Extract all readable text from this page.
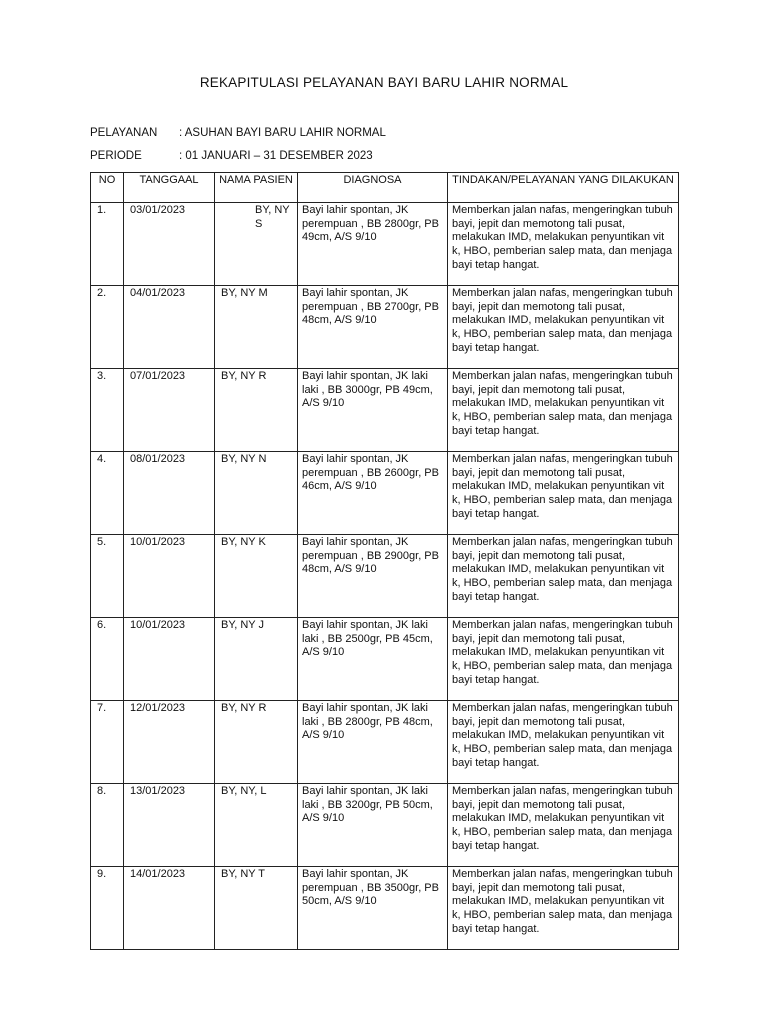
REKAPITULASI PELAYANAN BAYI BARU LAHIR NORMAL
PELAYANAN : ASUHAN BAYI BARU LAHIR NORMAL
PERIODE	: 01 JANUARI – 31 DESEMBER 2023
NO	TANGGAAL	NAMA PASIEN	DIAGNOSA	TINDAKAN/PELAYANAN YANG DILAKUKAN
1.	03/01/2023	BY, NY S	Bayi lahir spontan, JK perempuan , BB 2800gr, PB 49cm, A/S 9/10	Memberkan jalan nafas, mengeringkan tubuh bayi, jepit dan memotong tali pusat, melakukan IMD, melakukan penyuntikan vit k, HBO, pemberian salep mata, dan menjaga bayi tetap hangat.
2.	04/01/2023	BY, NY M	Bayi lahir spontan, JK perempuan , BB 2700gr, PB 48cm, A/S 9/10	Memberkan jalan nafas, mengeringkan tubuh bayi, jepit dan memotong tali pusat, melakukan IMD, melakukan penyuntikan vit k, HBO, pemberian salep mata, dan menjaga bayi tetap hangat.
3.	07/01/2023	BY, NY R	Bayi lahir spontan, JK laki laki , BB 3000gr, PB 49cm, A/S 9/10	Memberkan jalan nafas, mengeringkan tubuh bayi, jepit dan memotong tali pusat, melakukan IMD, melakukan penyuntikan vit k, HBO, pemberian salep mata, dan menjaga bayi tetap hangat.
4.	08/01/2023	BY, NY N	Bayi lahir spontan, JK perempuan , BB 2600gr, PB 46cm, A/S 9/10	Memberkan jalan nafas, mengeringkan tubuh bayi, jepit dan memotong tali pusat, melakukan IMD, melakukan penyuntikan vit k, HBO, pemberian salep mata, dan menjaga bayi tetap hangat.
5.	10/01/2023	BY, NY K	Bayi lahir spontan, JK perempuan , BB 2900gr, PB 48cm, A/S 9/10	Memberkan jalan nafas, mengeringkan tubuh bayi, jepit dan memotong tali pusat, melakukan IMD, melakukan penyuntikan vit k, HBO, pemberian salep mata, dan menjaga bayi tetap hangat.
6.	10/01/2023	BY, NY J	Bayi lahir spontan, JK laki laki , BB 2500gr, PB 45cm, A/S 9/10	Memberkan jalan nafas, mengeringkan tubuh bayi, jepit dan memotong tali pusat, melakukan IMD, melakukan penyuntikan vit k, HBO, pemberian salep mata, dan menjaga bayi tetap hangat.
7.	12/01/2023	BY, NY R	Bayi lahir spontan, JK laki laki , BB 2800gr, PB 48cm, A/S 9/10	Memberkan jalan nafas, mengeringkan tubuh bayi, jepit dan memotong tali pusat, melakukan IMD, melakukan penyuntikan vit k, HBO, pemberian salep mata, dan menjaga bayi tetap hangat.
8.	13/01/2023	BY, NY, L	Bayi lahir spontan, JK laki laki , BB 3200gr, PB 50cm, A/S 9/10	Memberkan jalan nafas, mengeringkan tubuh bayi, jepit dan memotong tali pusat, melakukan IMD, melakukan penyuntikan vit k, HBO, pemberian salep mata, dan menjaga bayi tetap hangat.
9.	14/01/2023	BY, NY T	Bayi lahir spontan, JK perempuan , BB 3500gr, PB 50cm, A/S 9/10	Memberkan jalan nafas, mengeringkan tubuh bayi, jepit dan memotong tali pusat, melakukan IMD, melakukan penyuntikan vit k, HBO, pemberian salep mata, dan menjaga bayi tetap hangat.
